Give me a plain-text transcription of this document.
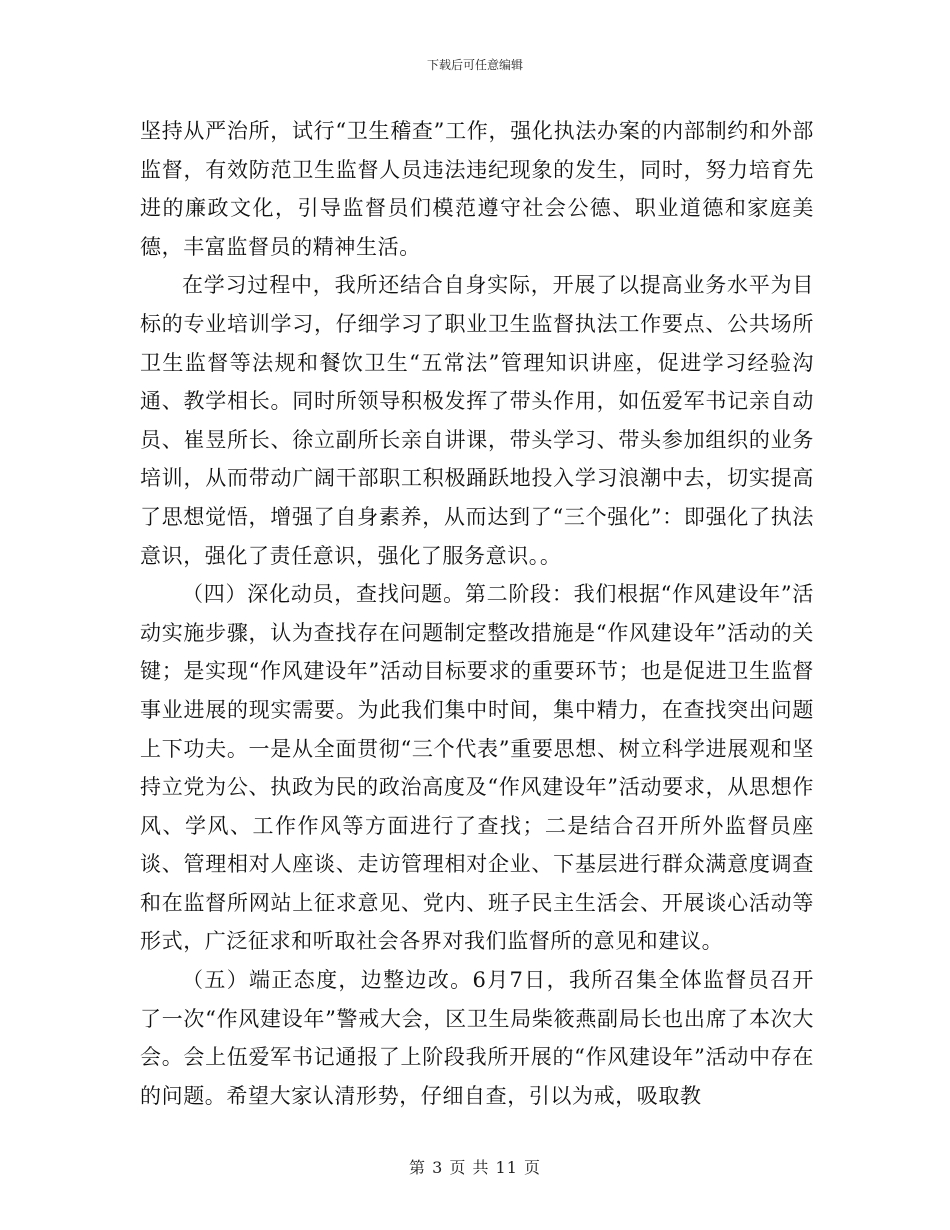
下载后可任意编辑

坚持从严治所，试行“卫生稽查”工作，强化执法办案的内部制约和外部监督，有效防范卫生监督人员违法违纪现象的发生，同时，努力培育先进的廉政文化，引导监督员们模范遵守社会公德、职业道德和家庭美德，丰富监督员的精神生活。

在学习过程中，我所还结合自身实际，开展了以提高业务水平为目标的专业培训学习，仔细学习了职业卫生监督执法工作要点、公共场所卫生监督等法规和餐饮卫生“五常法”管理知识讲座，促进学习经验沟通、教学相长。同时所领导积极发挥了带头作用，如伍爱军书记亲自动员、崔昱所长、徐立副所长亲自讲课，带头学习、带头参加组织的业务培训，从而带动广阔干部职工积极踊跃地投入学习浪潮中去，切实提高了思想觉悟，增强了自身素养，从而达到了“三个强化”：即强化了执法意识，强化了责任意识，强化了服务意识。。

（四）深化动员，查找问题。第二阶段：我们根据“作风建设年”活动实施步骤，认为查找存在问题制定整改措施是“作风建设年”活动的关键；是实现“作风建设年”活动目标要求的重要环节；也是促进卫生监督事业进展的现实需要。为此我们集中时间，集中精力，在查找突出问题上下功夫。一是从全面贯彻“三个代表”重要思想、树立科学进展观和坚持立党为公、执政为民的政治高度及“作风建设年”活动要求，从思想作风、学风、工作作风等方面进行了查找；二是结合召开所外监督员座谈、管理相对人座谈、走访管理相对企业、下基层进行群众满意度调查和在监督所网站上征求意见、党内、班子民主生活会、开展谈心活动等形式，广泛征求和听取社会各界对我们监督所的意见和建议。

（五）端正态度，边整边改。6月7日，我所召集全体监督员召开了一次“作风建设年”警戒大会，区卫生局柴筱燕副局长也出席了本次大会。会上伍爱军书记通报了上阶段我所开展的“作风建设年”活动中存在的问题。希望大家认清形势，仔细自查，引以为戒，吸取教

第 3 页 共 11 页
